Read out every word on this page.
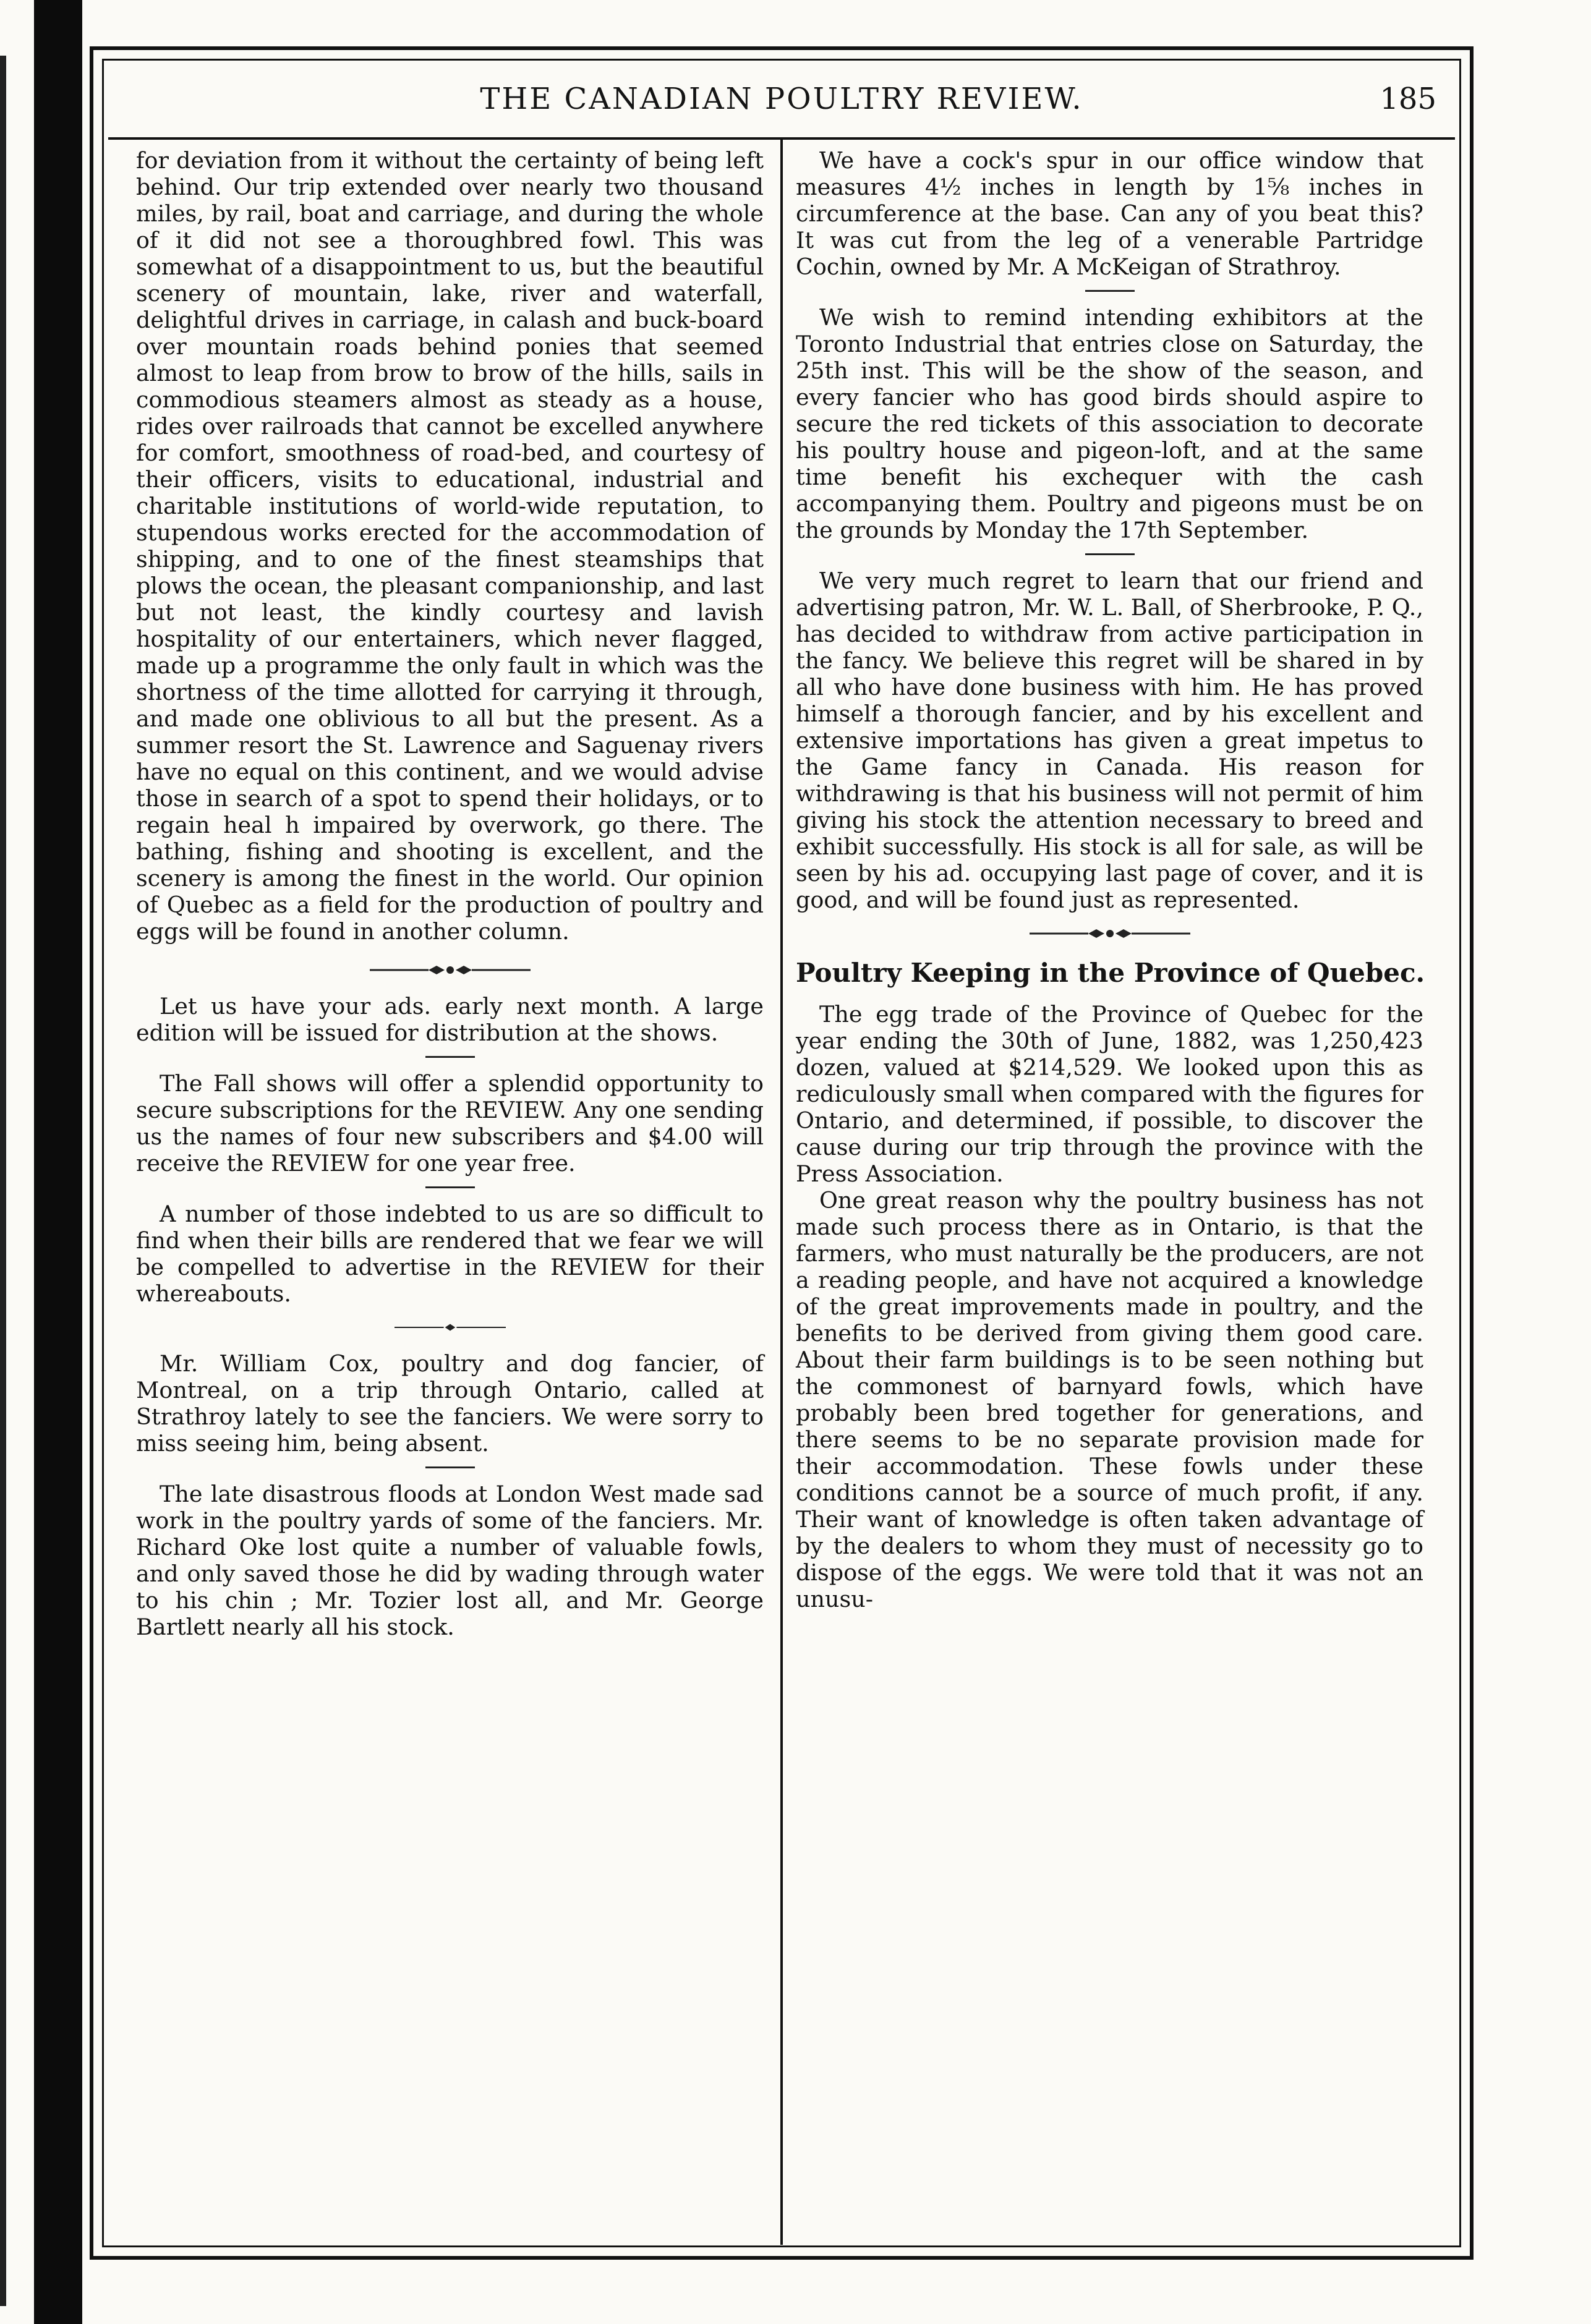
THE CANADIAN POULTRY REVIEW.	185

for deviation from it without the certainty of being left behind. Our trip extended over nearly two thousand miles, by rail, boat and carriage, and during the whole of it did not see a thoroughbred fowl. This was somewhat of a disappointment to us, but the beautiful scenery of mountain, lake, river and waterfall, delightful drives in carriage, in calash and buck-board over mountain roads behind ponies that seemed almost to leap from brow to brow of the hills, sails in commodious steamers almost as steady as a house, rides over railroads that cannot be excelled anywhere for comfort, smoothness of road-bed, and courtesy of their officers, visits to educational, industrial and charitable institutions of world-wide reputation, to stupendous works erected for the accommodation of shipping, and to one of the finest steamships that plows the ocean, the pleasant companionship, and last but not least, the kindly courtesy and lavish hospitality of our entertainers, which never flagged, made up a programme the only fault in which was the shortness of the time allotted for carrying it through, and made one oblivious to all but the present. As a summer resort the St. Lawrence and Saguenay rivers have no equal on this continent, and we would advise those in search of a spot to spend their holidays, or to regain heal h impaired by overwork, go there. The bathing, fishing and shooting is excellent, and the scenery is among the finest in the world. Our opinion of Quebec as a field for the production of poultry and eggs will be found in another column.

Let us have your ads. early next month. A large edition will be issued for distribution at the shows.

The Fall shows will offer a splendid opportunity to secure subscriptions for the REVIEW. Any one sending us the names of four new subscribers and $4.00 will receive the REVIEW for one year free.

A number of those indebted to us are so difficult to find when their bills are rendered that we fear we will be compelled to advertise in the REVIEW for their whereabouts.

Mr. William Cox, poultry and dog fancier, of Montreal, on a trip through Ontario, called at Strathroy lately to see the fanciers. We were sorry to miss seeing him, being absent.

The late disastrous floods at London West made sad work in the poultry yards of some of the fanciers. Mr. Richard Oke lost quite a number of valuable fowls, and only saved those he did by wading through water to his chin ; Mr. Tozier lost all, and Mr. George Bartlett nearly all his stock.

We have a cock's spur in our office window that measures 4½ inches in length by 1⅝ inches in circumference at the base. Can any of you beat this? It was cut from the leg of a venerable Partridge Cochin, owned by Mr. A McKeigan of Strathroy.

We wish to remind intending exhibitors at the Toronto Industrial that entries close on Saturday, the 25th inst. This will be the show of the season, and every fancier who has good birds should aspire to secure the red tickets of this association to decorate his poultry house and pigeon-loft, and at the same time benefit his exchequer with the cash accompanying them. Poultry and pigeons must be on the grounds by Monday the 17th September.

We very much regret to learn that our friend and advertising patron, Mr. W. L. Ball, of Sherbrooke, P. Q., has decided to withdraw from active participation in the fancy. We believe this regret will be shared in by all who have done business with him. He has proved himself a thorough fancier, and by his excellent and extensive importations has given a great impetus to the Game fancy in Canada. His reason for withdrawing is that his business will not permit of him giving his stock the attention necessary to breed and exhibit successfully. His stock is all for sale, as will be seen by his ad. occupying last page of cover, and it is good, and will be found just as represented.

Poultry Keeping in the Province of Quebec.

The egg trade of the Province of Quebec for the year ending the 30th of June, 1882, was 1,250,423 dozen, valued at $214,529. We looked upon this as rediculously small when compared with the figures for Ontario, and determined, if possible, to discover the cause during our trip through the province with the Press Association.

One great reason why the poultry business has not made such process there as in Ontario, is that the farmers, who must naturally be the producers, are not a reading people, and have not acquired a knowledge of the great improvements made in poultry, and the benefits to be derived from giving them good care. About their farm buildings is to be seen nothing but the commonest of barnyard fowls, which have probably been bred together for generations, and there seems to be no separate provision made for their accommodation. These fowls under these conditions cannot be a source of much profit, if any. Their want of knowledge is often taken advantage of by the dealers to whom they must of necessity go to dispose of the eggs. We were told that it was not an unusu-
